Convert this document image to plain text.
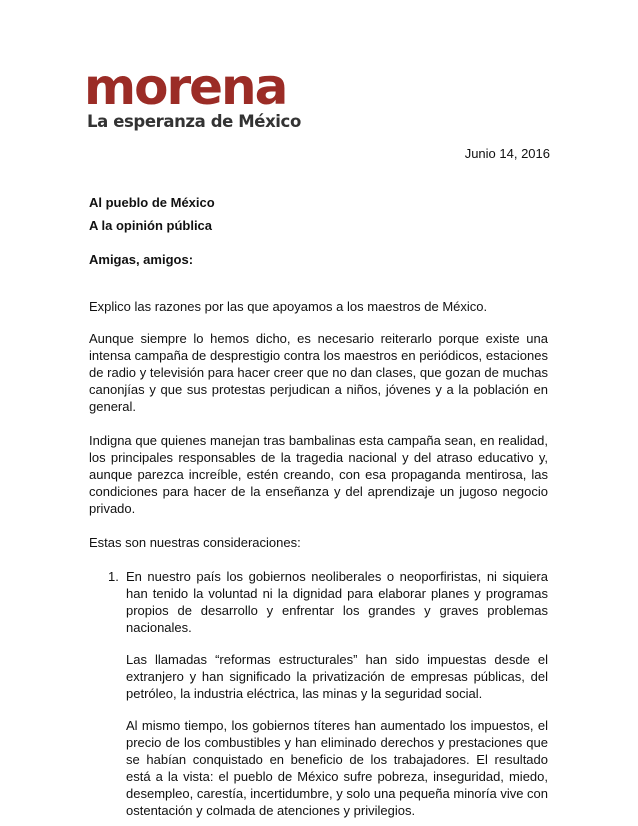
morena
La esperanza de México
Junio 14, 2016

Al pueblo de México

A la opinión pública

Amigas, amigos:

Explico las razones por las que apoyamos a los maestros de México.

Aunque siempre lo hemos dicho, es necesario reiterarlo porque existe una intensa campaña de desprestigio contra los maestros en periódicos, estaciones de radio y televisión para hacer creer que no dan clases, que gozan de muchas canonjías y que sus protestas perjudican a niños, jóvenes y a la población en general.

Indigna que quienes manejan tras bambalinas esta campaña sean, en realidad, los principales responsables de la tragedia nacional y del atraso educativo y, aunque parezca increíble, estén creando, con esa propaganda mentirosa, las condiciones para hacer de la enseñanza y del aprendizaje un jugoso negocio privado.

Estas son nuestras consideraciones:

1. En nuestro país los gobiernos neoliberales o neoporfiristas, ni siquiera han tenido la voluntad ni la dignidad para elaborar planes y programas propios de desarrollo y enfrentar los grandes y graves problemas nacionales.

Las llamadas “reformas estructurales” han sido impuestas desde el extranjero y han significado la privatización de empresas públicas, del petróleo, la industria eléctrica, las minas y la seguridad social.

Al mismo tiempo, los gobiernos títeres han aumentado los impuestos, el precio de los combustibles y han eliminado derechos y prestaciones que se habían conquistado en beneficio de los trabajadores. El resultado está a la vista: el pueblo de México sufre pobreza, inseguridad, miedo, desempleo, carestía, incertidumbre, y solo una pequeña minoría vive con ostentación y colmada de atenciones y privilegios.
